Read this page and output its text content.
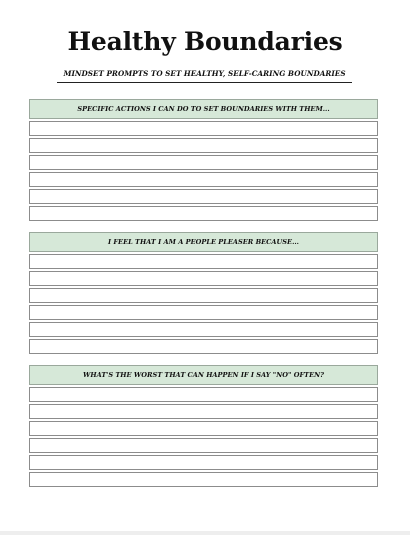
Healthy Boundaries
MINDSET PROMPTS TO SET HEALTHY, SELF-CARING BOUNDARIES
SPECIFIC ACTIONS I CAN DO TO SET BOUNDARIES WITH THEM...
I FEEL THAT I AM A PEOPLE PLEASER BECAUSE...
WHAT'S THE WORST THAT CAN HAPPEN IF I SAY "NO" OFTEN?
